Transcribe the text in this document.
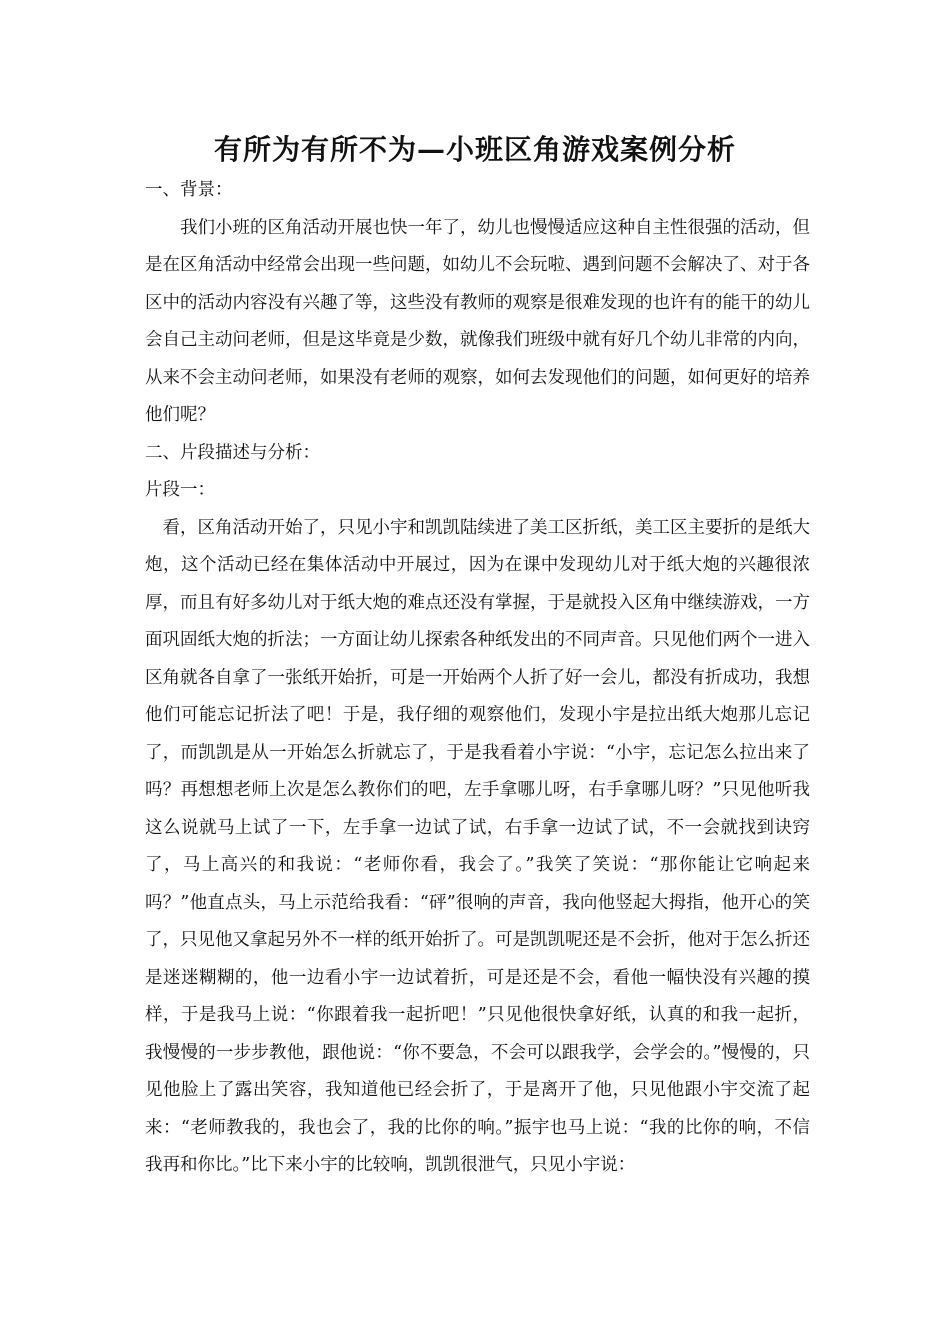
有所为有所不为—小班区角游戏案例分析

一、背景：

我们小班的区角活动开展也快一年了，幼儿也慢慢适应这种自主性很强的活动，但是在区角活动中经常会出现一些问题，如幼儿不会玩啦、遇到问题不会解决了、对于各区中的活动内容没有兴趣了等，这些没有教师的观察是很难发现的也许有的能干的幼儿会自己主动问老师，但是这毕竟是少数，就像我们班级中就有好几个幼儿非常的内向，从来不会主动问老师，如果没有老师的观察，如何去发现他们的问题，如何更好的培养他们呢？

二、片段描述与分析：

片段一：

看，区角活动开始了，只见小宇和凯凯陆续进了美工区折纸，美工区主要折的是纸大炮，这个活动已经在集体活动中开展过，因为在课中发现幼儿对于纸大炮的兴趣很浓厚，而且有好多幼儿对于纸大炮的难点还没有掌握，于是就投入区角中继续游戏，一方面巩固纸大炮的折法；一方面让幼儿探索各种纸发出的不同声音。只见他们两个一进入区角就各自拿了一张纸开始折，可是一开始两个人折了好一会儿，都没有折成功，我想他们可能忘记折法了吧！于是，我仔细的观察他们，发现小宇是拉出纸大炮那儿忘记了，而凯凯是从一开始怎么折就忘了，于是我看着小宇说：“小宇，忘记怎么拉出来了吗？再想想老师上次是怎么教你们的吧，左手拿哪儿呀，右手拿哪儿呀？”只见他听我这么说就马上试了一下，左手拿一边试了试，右手拿一边试了试，不一会就找到诀窍了，马上高兴的和我说：“老师你看，我会了。”我笑了笑说：“那你能让它响起来吗？”他直点头，马上示范给我看：“砰”很响的声音，我向他竖起大拇指，他开心的笑了，只见他又拿起另外不一样的纸开始折了。可是凯凯呢还是不会折，他对于怎么折还是迷迷糊糊的，他一边看小宇一边试着折，可是还是不会，看他一幅快没有兴趣的摸样，于是我马上说：“你跟着我一起折吧！”只见他很快拿好纸，认真的和我一起折，我慢慢的一步步教他，跟他说：“你不要急，不会可以跟我学，会学会的。”慢慢的，只见他脸上了露出笑容，我知道他已经会折了，于是离开了他，只见他跟小宇交流了起来：“老师教我的，我也会了，我的比你的响。”振宇也马上说：“我的比你的响，不信我再和你比。”比下来小宇的比较响，凯凯很泄气，只见小宇说：
